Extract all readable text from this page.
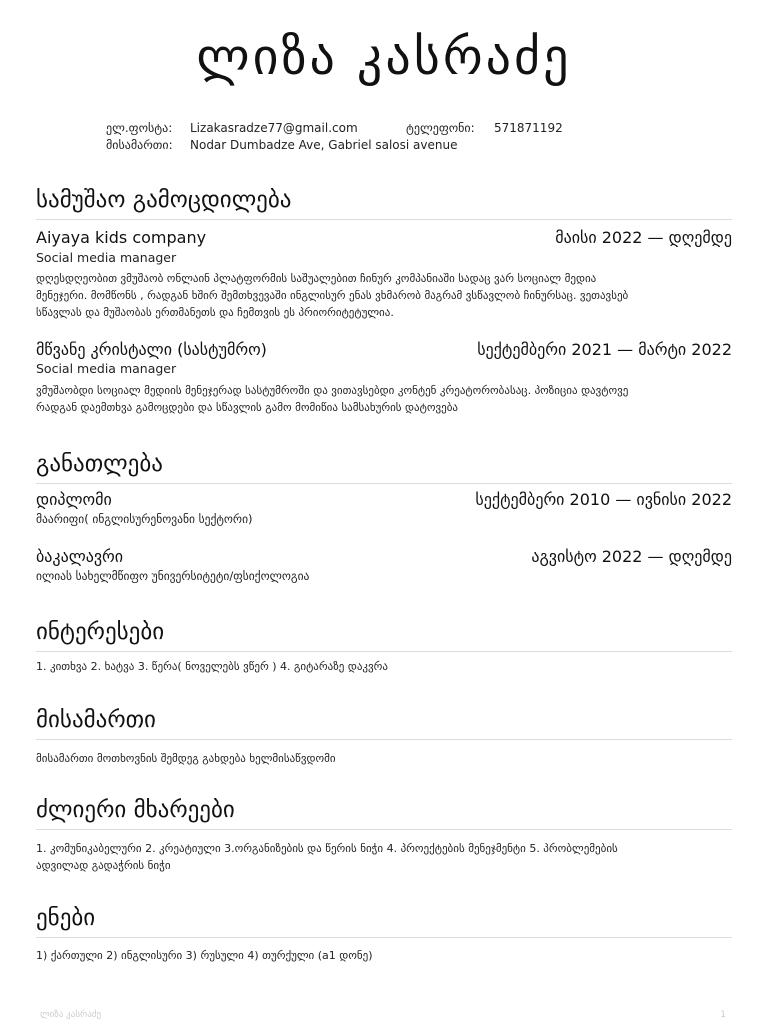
ლიზა კასრაძე
ელ.ფოსტა: Lizakasradze77@gmail.com	ტელეფონი: 571871192
მისამართი: Nodar Dumbadze Ave, Gabriel salosi avenue
სამუშაო გამოცდილება
Aiyaya kids company	მაისი 2022 — დღემდე
Social media manager
დღესდღეობით ვმუშაობ ონლაინ პლატფორმის საშუალებით ჩინურ კომპანიაში სადაც ვარ სოციალ მედია
მენეჯერი. მომწონს , რადგან ხშირ შემთხვევაში ინგლისურ ენას ვხმარობ მაგრამ ვსწავლობ ჩინურსაც. ვეთავსებ
სწავლას და მუშაობას ერთმანეთს და ჩემთვის ეს პრიორიტეტულია.
მწვანე კრისტალი (სასტუმრო)	სექტემბერი 2021 — მარტი 2022
Social media manager
ვმუშაობდი სოციალ მედიის მენეჯერად სასტუმროში და ვითავსებდი კონტენ კრეატორობასაც. პოზიცია დავტოვე
რადგან დაემთხვა გამოცდები და სწავლის გამო მომიწია სამსახურის დატოვება
განათლება
დიპლომი	სექტემბერი 2010 — ივნისი 2022
მაარიფი( ინგლისურენოვანი სექტორი)
ბაკალავრი	აგვისტო 2022 — დღემდე
ილიას სახელმწიფო უნივერსიტეტი/ფსიქოლოგია
ინტერესები
1. კითხვა 2. ხატვა 3. წერა( ნოველებს ვწერ ) 4. გიტარაზე დაკვრა
მისამართი
მისამართი მოთხოვნის შემდეგ გახდება ხელმისაწვდომი
ძლიერი მხარეები
1. კომუნიკაბელური 2. კრეატიული 3.ორგანიზების და წერის ნიჭი 4. პროექტების მენეჯმენტი 5. პრობლემების
ადვილად გადაჭრის ნიჭი
ენები
1) ქართული 2) ინგლისური 3) რუსული 4) თურქული (a1 დონე)
ლიზა კასრაძე	1
